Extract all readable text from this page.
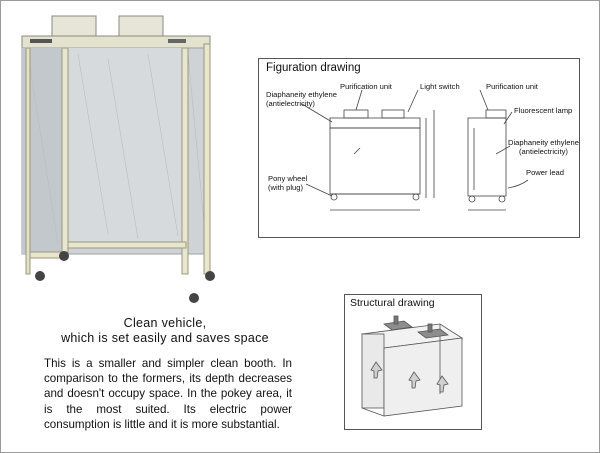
Clean vehicle,
which is set easily and saves space
This is a smaller and simpler clean booth. In comparison to the formers, its depth decreases and doesn't occupy space. In the pokey area, it is the most suited. Its electric power consumption is little and it is more substantial.
Figuration drawing
Diaphaneity ethylene
(antielectricity)
Purification unit	Light switch	Purification unit
Fluorescent lamp
Diaphaneity ethylene
(antielectricity)
Power lead
Pony wheel
(with plug)
Structural drawing
